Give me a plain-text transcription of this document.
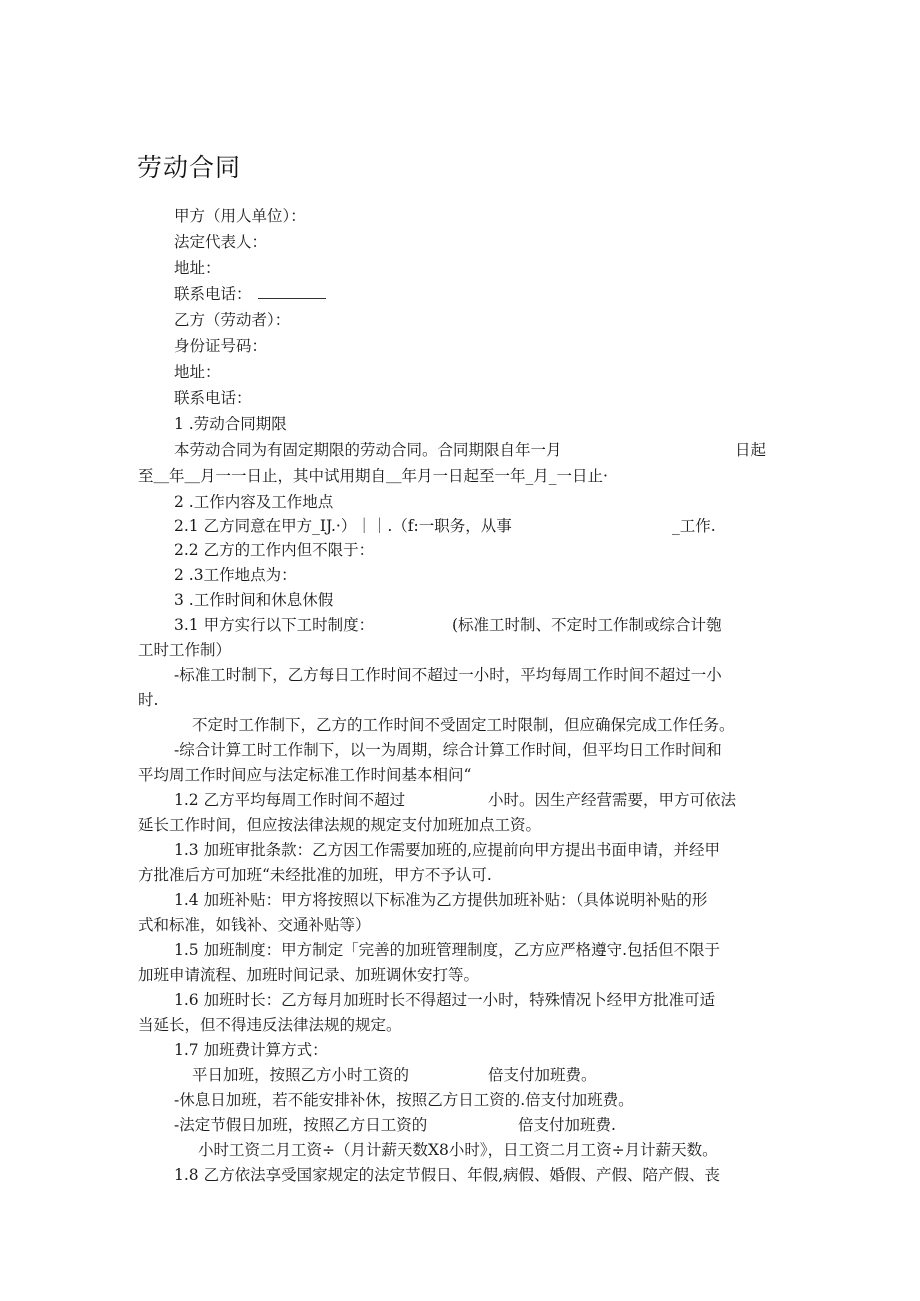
劳动合同
甲方（用人单位）：
法定代表人：
地址：
联系电话：
乙方（劳动者）：
身份证号码：
地址：
联系电话：
1 .劳动合同期限
本劳动合同为有固定期限的劳动合同。合同期限自年一月	日起
至＿年＿月一一日止，其中试用期自＿年月一日起至一年_月_一日止·
2 .工作内容及工作地点
2.1 乙方同意在甲方_IJ.·）｜｜.（f:一职务，从事	_工作.
2.2 乙方的工作内但不限于：
2 .3工作地点为：
3 .工作时间和休息休假
3.1 甲方实行以下工时制度：	(标准工时制、不定时工作制或综合计匏
工时工作制）
-标准工时制下，乙方每日工作时间不超过一小时，平均每周工作时间不超过一小
时.
不定时工作制下，乙方的工作时间不受固定工时限制，但应确保完成工作任务。
-综合计算工时工作制下，以一为周期，综合计算工作时间，但平均日工作时间和
平均周工作时间应与法定标准工作时间基本相问“
1.2 乙方平均每周工作时间不超过	小时。因生产经营需要，甲方可依法
延长工作时间，但应按法律法规的规定支付加班加点工资。
1.3 加班审批条款：乙方因工作需要加班的,应提前向甲方提出书面申请，并经甲
方批准后方可加班“未经批准的加班，甲方不予认可.
1.4 加班补贴：甲方将按照以下标准为乙方提供加班补贴：（具体说明补贴的形
式和标准，如钱补、交通补贴等）
1.5 加班制度：甲方制定「完善的加班管理制度，乙方应严格遵守.包括但不限于
加班申请流程、加班时间记录、加班调休安打等。
1.6 加班时长：乙方每月加班时长不得超过一小时，特殊情况卜经甲方批准可适
当延长，但不得违反法律法规的规定。
1.7 加班费计算方式：
平日加班，按照乙方小时工资的	倍支付加班费。
-休息日加班，若不能安排补休，按照乙方日工资的.倍支付加班费。
-法定节假日加班，按照乙方日工资的	倍支付加班费.
小时工资二月工资÷（月计薪天数X8小时》，日工资二月工资÷月计薪天数。
1.8 乙方依法享受国家规定的法定节假日、年假,病假、婚假、产假、陪产假、丧
